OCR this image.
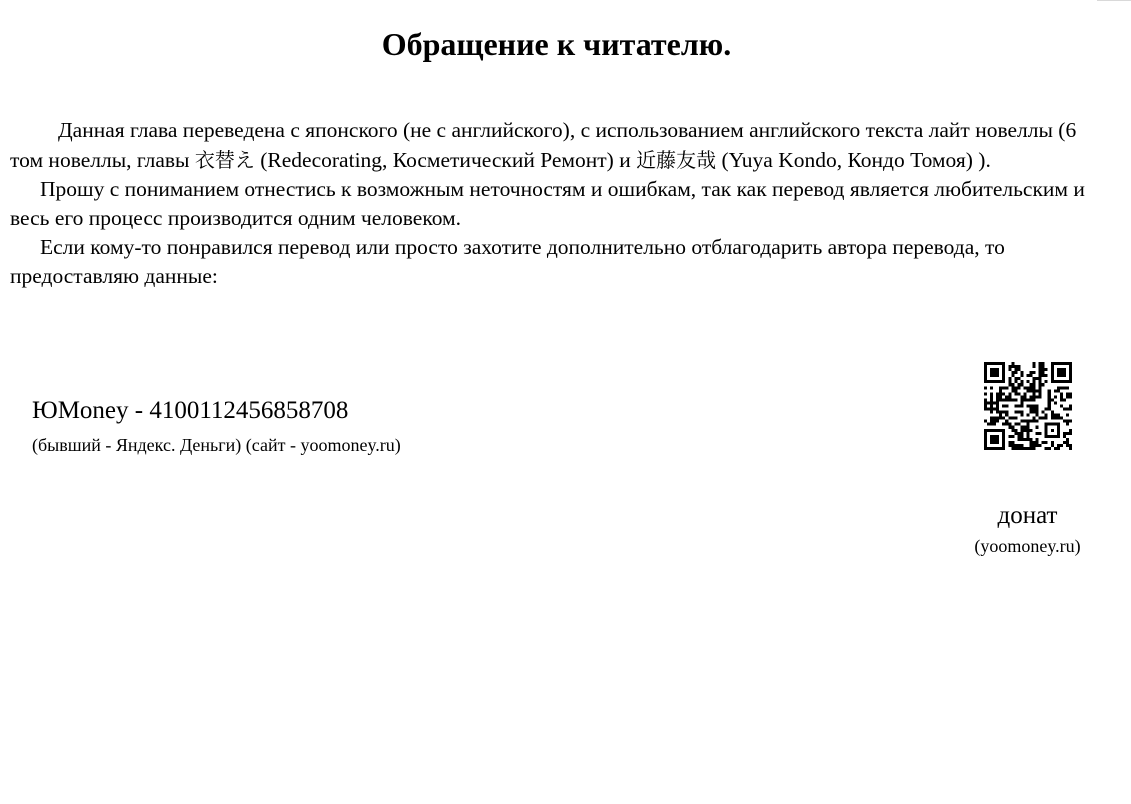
Обращение к читателю.

Данная глава переведена с японского (не с английского), с использованием английского текста лайт новеллы (6 том новеллы, главы 衣替え (Redecorating, Косметический Ремонт) и 近藤友哉 (Yuya Kondo, Кондо Томоя) ).

Прошу с пониманием отнестись к возможным неточностям и ошибкам, так как перевод является любительским и весь его процесс производится одним человеком.

Если кому-то понравился перевод или просто захотите дополнительно отблагодарить автора перевода, то предоставляю данные:

ЮMoney - 4100112456858708

(бывший - Яндекс. Деньги) (сайт - yoomoney.ru)

донат

(yoomoney.ru)
